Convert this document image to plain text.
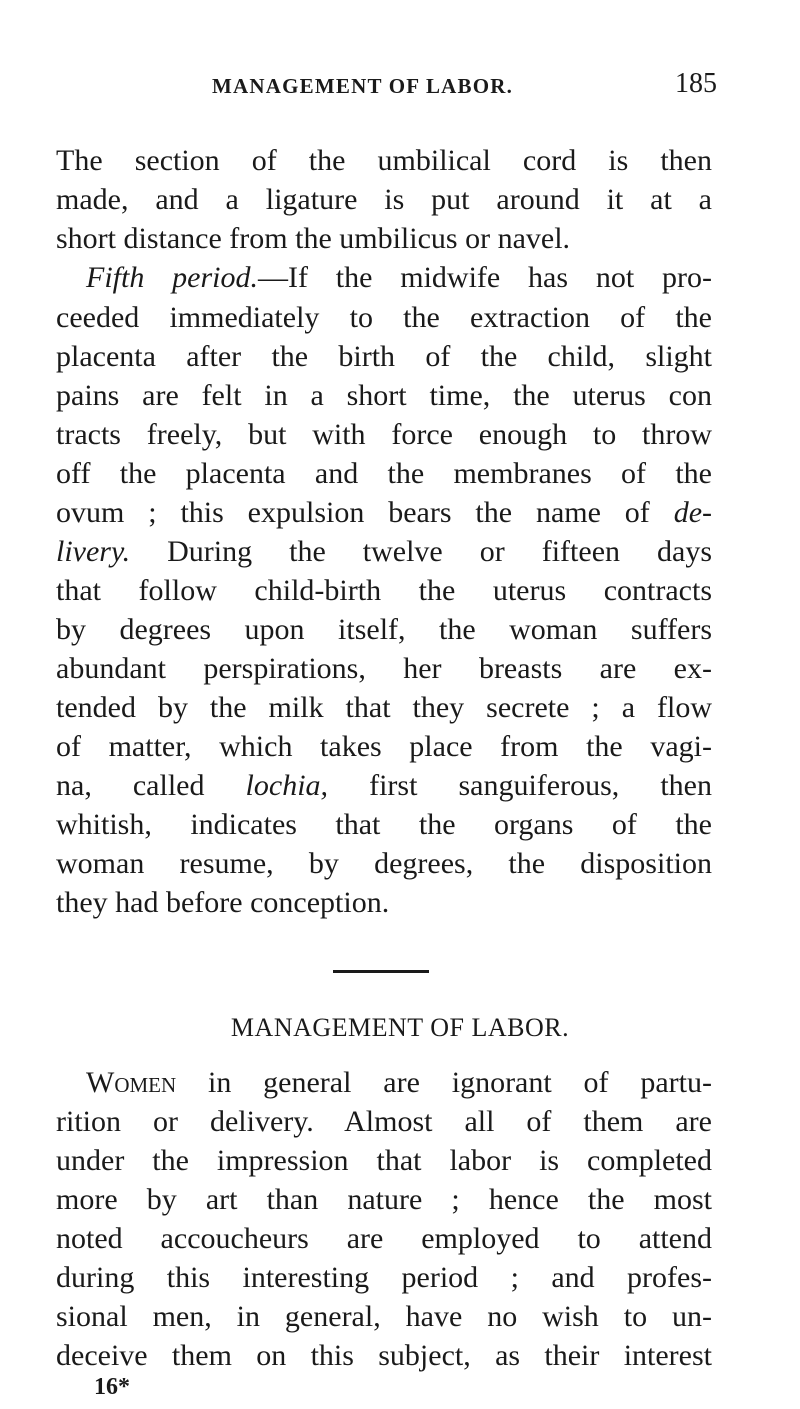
MANAGEMENT OF LABOR.	185
The section of the umbilical cord is then
made, and a ligature is put around it at a
short distance from the umbilicus or navel.
Fifth period.—If the midwife has not pro-
ceeded immediately to the extraction of the
placenta after the birth of the child, slight
pains are felt in a short time, the uterus con
tracts freely, but with force enough to throw
off the placenta and the membranes of the
ovum ; this expulsion bears the name of de-
livery. During the twelve or fifteen days
that follow child-birth the uterus contracts
by degrees upon itself, the woman suffers
abundant perspirations, her breasts are ex-
tended by the milk that they secrete ; a flow
of matter, which takes place from the vagi-
na, called lochia, first sanguiferous, then
whitish, indicates that the organs of the
woman resume, by degrees, the disposition
they had before conception.
MANAGEMENT OF LABOR.
Women in general are ignorant of partu-
rition or delivery. Almost all of them are
under the impression that labor is completed
more by art than nature ; hence the most
noted accoucheurs are employed to attend
during this interesting period ; and profes-
sional men, in general, have no wish to un-
deceive them on this subject, as their interest
16*
